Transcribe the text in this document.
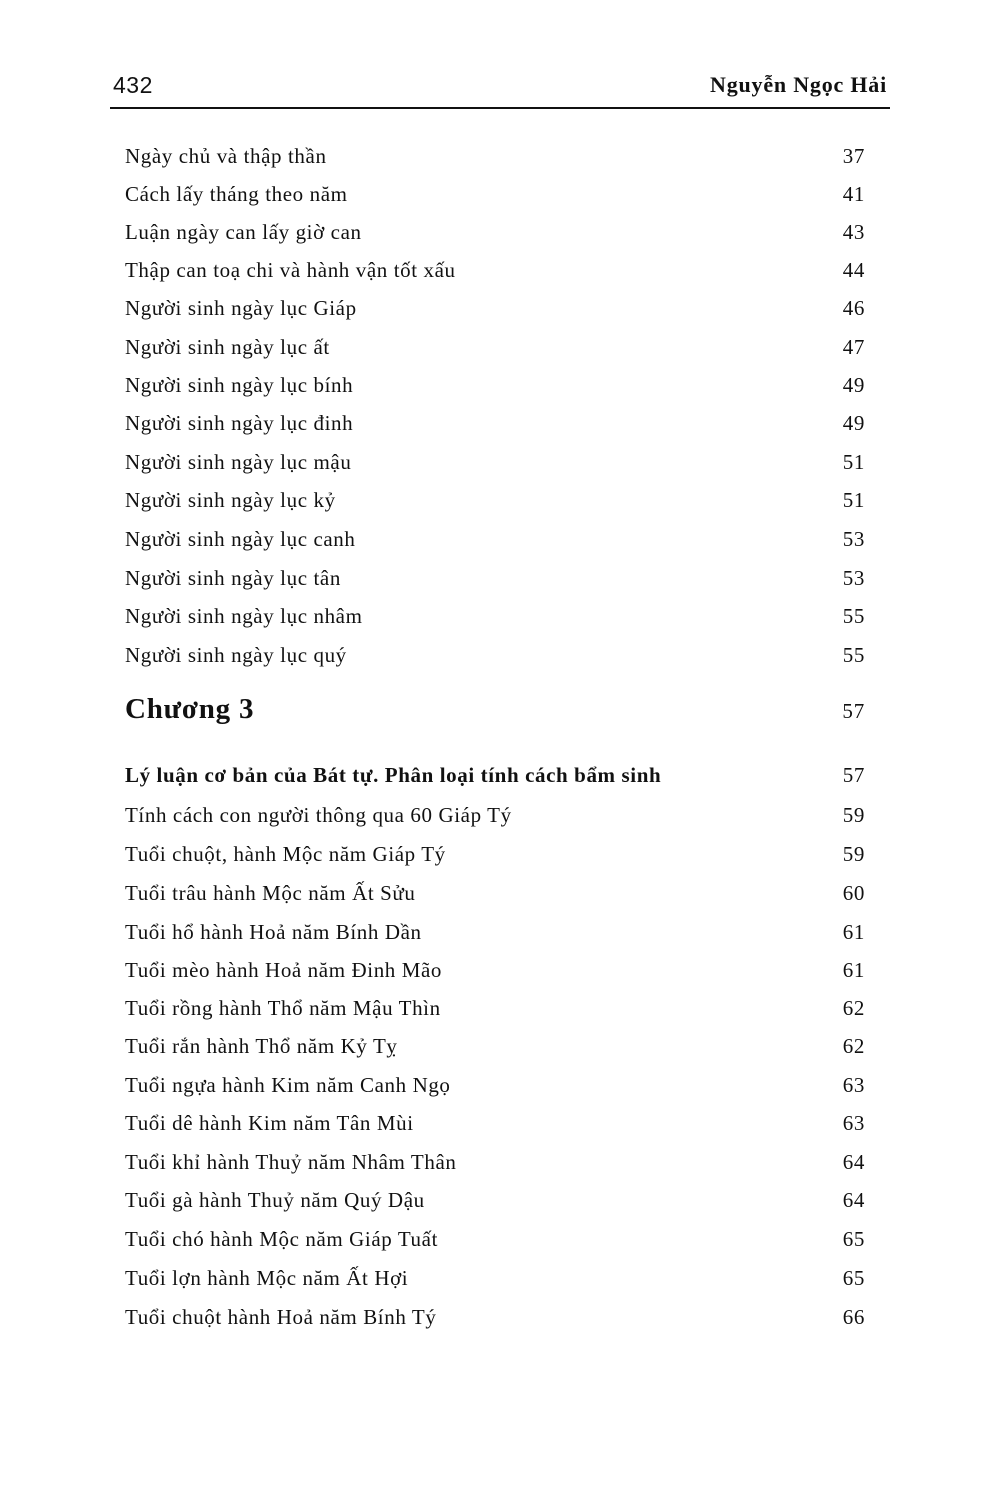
432	Nguyễn Ngọc Hải
Ngày chủ và thập thần	37
Cách lấy tháng theo năm	41
Luận ngày can lấy giờ can	43
Thập can toạ chi và hành vận tốt xấu	44
Người sinh ngày lục Giáp	46
Người sinh ngày lục ất	47
Người sinh ngày lục bính	49
Người sinh ngày lục đinh	49
Người sinh ngày lục mậu	51
Người sinh ngày lục kỷ	51
Người sinh ngày lục canh	53
Người sinh ngày lục tân	53
Người sinh ngày lục nhâm	55
Người sinh ngày lục quý	55
Chương 3	57
Lý luận cơ bản của Bát tự. Phân loại tính cách bẩm sinh	57
Tính cách con người thông qua 60 Giáp Tý	59
Tuổi chuột, hành Mộc năm Giáp Tý	59
Tuổi trâu hành Mộc năm Ất Sửu	60
Tuổi hổ hành Hoả năm Bính Dần	61
Tuổi mèo hành Hoả năm Đinh Mão	61
Tuổi rồng hành Thổ năm Mậu Thìn	62
Tuổi rắn hành Thổ năm Kỷ Tỵ	62
Tuổi ngựa hành Kim năm Canh Ngọ	63
Tuổi dê hành Kim năm Tân Mùi	63
Tuổi khỉ hành Thuỷ năm Nhâm Thân	64
Tuổi gà hành Thuỷ năm Quý Dậu	64
Tuổi chó hành Mộc năm Giáp Tuất	65
Tuổi lợn hành Mộc năm Ất Hợi	65
Tuổi chuột hành Hoả năm Bính Tý	66
